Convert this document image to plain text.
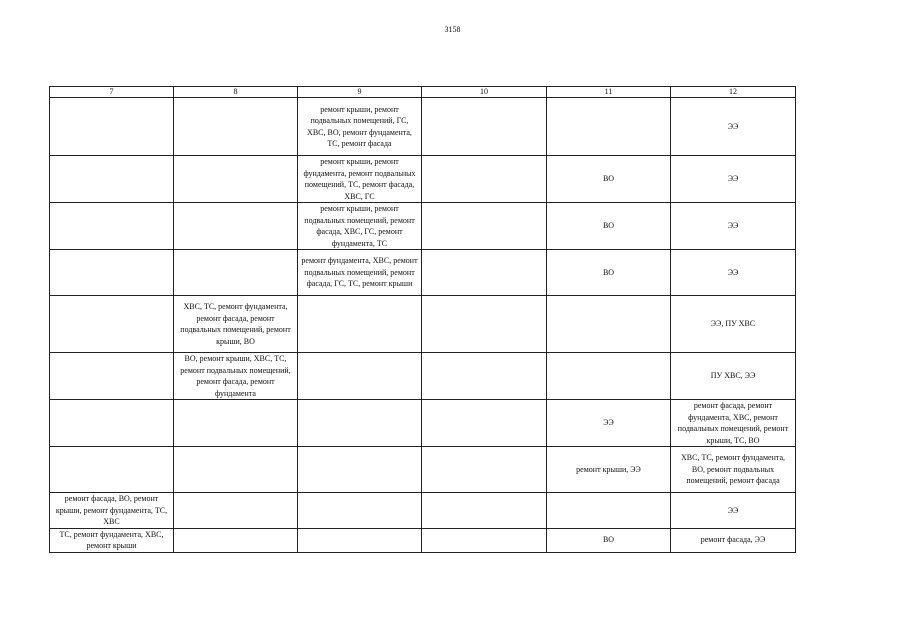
3158
7	8	9	10	11	12
		ремонт крыши, ремонт подвальных помещений, ГС, ХВС, ВО, ремонт фундамента, ТС, ремонт фасада			ЭЭ
		ремонт крыши, ремонт фундамента, ремонт подвальных помещений, ТС, ремонт фасада, ХВС, ГС		ВО	ЭЭ
		ремонт крыши, ремонт подвальных помещений, ремонт фасада, ХВС, ГС, ремонт фундамента, ТС		ВО	ЭЭ
		ремонт фундамента, ХВС, ремонт подвальных помещений, ремонт фасада, ГС, ТС, ремонт крыши		ВО	ЭЭ
	ХВС, ТС, ремонт фундамента, ремонт фасада, ремонт подвальных помещений, ремонт крыши, ВО				ЭЭ, ПУ ХВС
	ВО, ремонт крыши, ХВС, ТС, ремонт подвальных помещений, ремонт фасада, ремонт фундамента				ПУ ХВС, ЭЭ
				ЭЭ	ремонт фасада, ремонт фундамента, ХВС, ремонт подвальных помещений, ремонт крыши, ТС, ВО
				ремонт крыши, ЭЭ	ХВС, ТС, ремонт фундамента, ВО, ремонт подвальных помещений, ремонт фасада
ремонт фасада, ВО, ремонт крыши, ремонт фундамента, ТС, ХВС					ЭЭ
ТС, ремонт фундамента, ХВС, ремонт крыши				ВО	ремонт фасада, ЭЭ
